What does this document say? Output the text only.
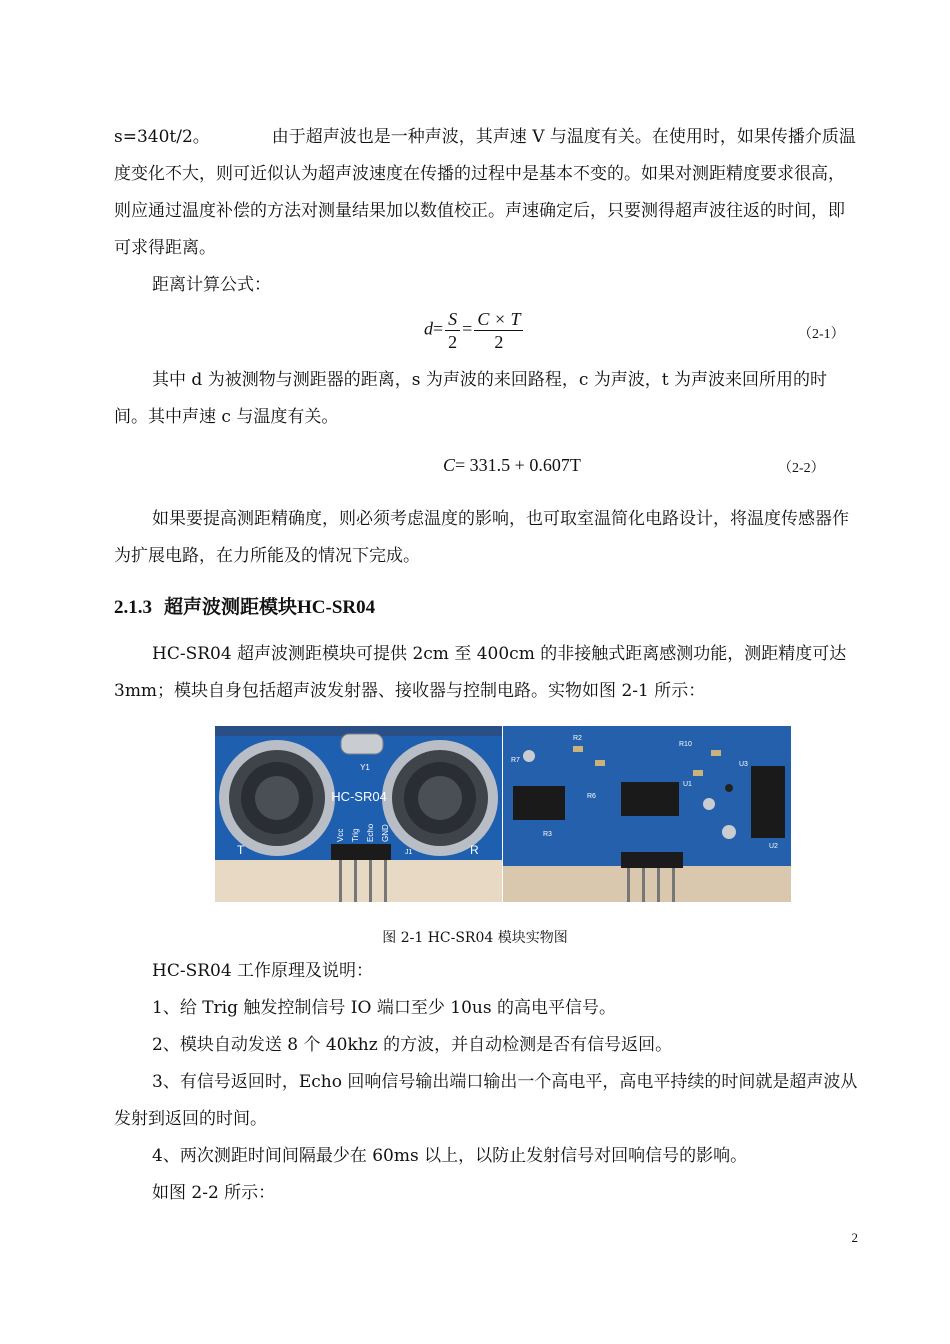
s=340t/2。	由于超声波也是一种声波，其声速 V 与温度有关。在使用时，如果传播介质温度变化不大，则可近似认为超声波速度在传播的过程中是基本不变的。如果对测距精度要求很高，则应通过温度补偿的方法对测量结果加以数值校正。声速确定后，只要测得超声波往返的时间，即可求得距离。

距离计算公式：

$d= \frac{S}{2} = \frac{C \times T}{2}$	（2-1）

其中 d 为被测物与测距器的距离，s 为声波的来回路程，c 为声波，t 为声波来回所用的时间。其中声速 c 与温度有关。

C= 331.5 + 0.607T	（2-2）

如果要提高测距精确度，则必须考虑温度的影响，也可取室温简化电路设计，将温度传感器作为扩展电路，在力所能及的情况下完成。

2.1.3 超声波测距模块HC-SR04

HC-SR04 超声波测距模块可提供 2cm 至 400cm 的非接触式距离感测功能，测距精度可达 3mm；模块自身包括超声波发射器、接收器与控制电路。实物如图 2-1 所示：

HC-SR04
Y1
T	R
J1
Vcc Trig Echo GND
R7
R2
U1
U2
U3
R6
R10
R3
图 2-1 HC-SR04 模块实物图

HC-SR04 工作原理及说明：

1、给 Trig 触发控制信号 IO 端口至少 10us 的高电平信号。

2、模块自动发送 8 个 40khz 的方波，并自动检测是否有信号返回。

3、有信号返回时，Echo 回响信号输出端口输出一个高电平，高电平持续的时间就是超声波从发射到返回的时间。

4、两次测距时间间隔最少在 60ms 以上，以防止发射信号对回响信号的影响。

如图 2-2 所示：

2
